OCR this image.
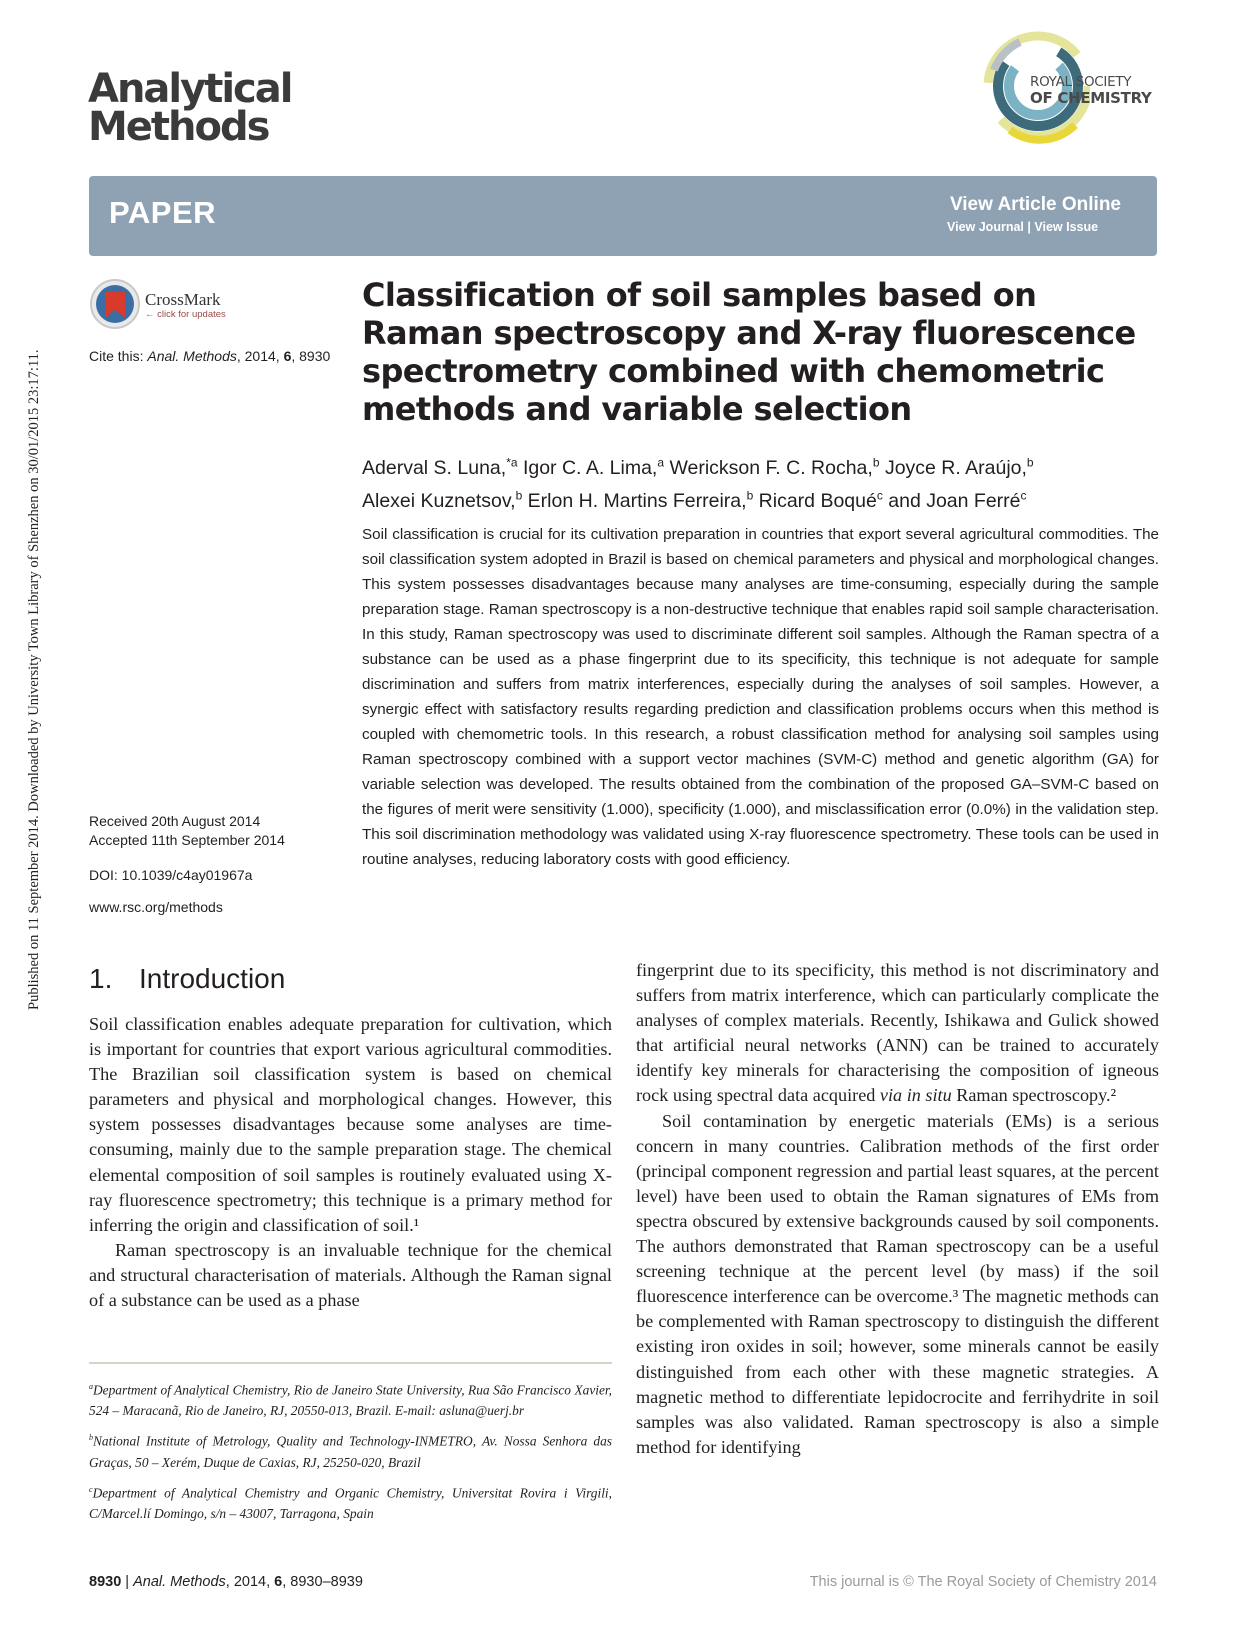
Published on 11 September 2014. Downloaded by University Town Library of Shenzhen on 30/01/2015 23:17:11.
Analytical
Methods
ROYAL SOCIETY
OF CHEMISTRY
PAPER	View Article Online
View Journal | View Issue
CrossMark
← click for updates
Cite this: Anal. Methods, 2014, 6, 8930
Received 20th August 2014
Accepted 11th September 2014
DOI: 10.1039/c4ay01967a
www.rsc.org/methods
Classification of soil samples based on Raman spectroscopy and X-ray fluorescence spectrometry combined with chemometric methods and variable selection
Aderval S. Luna,$^{*a}$ Igor C. A. Lima,$^a$ Werickson F. C. Rocha,$^b$ Joyce R. Araújo,$^b$
Alexei Kuznetsov,$^b$ Erlon H. Martins Ferreira,$^b$ Ricard Boqué$^c$ and Joan Ferré$^c$
Soil classification is crucial for its cultivation preparation in countries that export several agricultural commodities. The soil classification system adopted in Brazil is based on chemical parameters and physical and morphological changes. This system possesses disadvantages because many analyses are time-consuming, especially during the sample preparation stage. Raman spectroscopy is a non-destructive technique that enables rapid soil sample characterisation. In this study, Raman spectroscopy was used to discriminate different soil samples. Although the Raman spectra of a substance can be used as a phase fingerprint due to its specificity, this technique is not adequate for sample discrimination and suffers from matrix interferences, especially during the analyses of soil samples. However, a synergic effect with satisfactory results regarding prediction and classification problems occurs when this method is coupled with chemometric tools. In this research, a robust classification method for analysing soil samples using Raman spectroscopy combined with a support vector machines (SVM-C) method and genetic algorithm (GA) for variable selection was developed. The results obtained from the combination of the proposed GA–SVM-C based on the figures of merit were sensitivity (1.000), specificity (1.000), and misclassification error (0.0%) in the validation step. This soil discrimination methodology was validated using X-ray fluorescence spectrometry. These tools can be used in routine analyses, reducing laboratory costs with good efficiency.
1. Introduction

Soil classification enables adequate preparation for cultivation, which is important for countries that export various agricultural commodities. The Brazilian soil classification system is based on chemical parameters and physical and morphological changes. However, this system possesses disadvantages because some analyses are time-consuming, mainly due to the sample preparation stage. The chemical elemental composition of soil samples is routinely evaluated using X-ray fluorescence spectrometry; this technique is a primary method for inferring the origin and classification of soil.¹

Raman spectroscopy is an invaluable technique for the chemical and structural characterisation of materials. Although the Raman signal of a substance can be used as a phase

fingerprint due to its specificity, this method is not discriminatory and suffers from matrix interference, which can particularly complicate the analyses of complex materials. Recently, Ishikawa and Gulick showed that artificial neural networks (ANN) can be trained to accurately identify key minerals for characterising the composition of igneous rock using spectral data acquired via in situ Raman spectroscopy.²

Soil contamination by energetic materials (EMs) is a serious concern in many countries. Calibration methods of the first order (principal component regression and partial least squares, at the percent level) have been used to obtain the Raman signatures of EMs from spectra obscured by extensive backgrounds caused by soil components. The authors demonstrated that Raman spectroscopy can be a useful screening technique at the percent level (by mass) if the soil fluorescence interference can be overcome.³ The magnetic methods can be complemented with Raman spectroscopy to distinguish the different existing iron oxides in soil; however, some minerals cannot be easily distinguished from each other with these magnetic strategies. A magnetic method to differentiate lepidocrocite and ferrihydrite in soil samples was also validated. Raman spectroscopy is also a simple method for identifying

$^a$Department of Analytical Chemistry, Rio de Janeiro State University, Rua São Francisco Xavier, 524 – Maracanã, Rio de Janeiro, RJ, 20550-013, Brazil. E-mail: asluna@uerj.br

$^b$National Institute of Metrology, Quality and Technology-INMETRO, Av. Nossa Senhora das Graças, 50 – Xerém, Duque de Caxias, RJ, 25250-020, Brazil

$^c$Department of Analytical Chemistry and Organic Chemistry, Universitat Rovira i Virgili, C/Marcel.lí Domingo, s/n – 43007, Tarragona, Spain

8930 | Anal. Methods, 2014, 6, 8930–8939	This journal is © The Royal Society of Chemistry 2014
